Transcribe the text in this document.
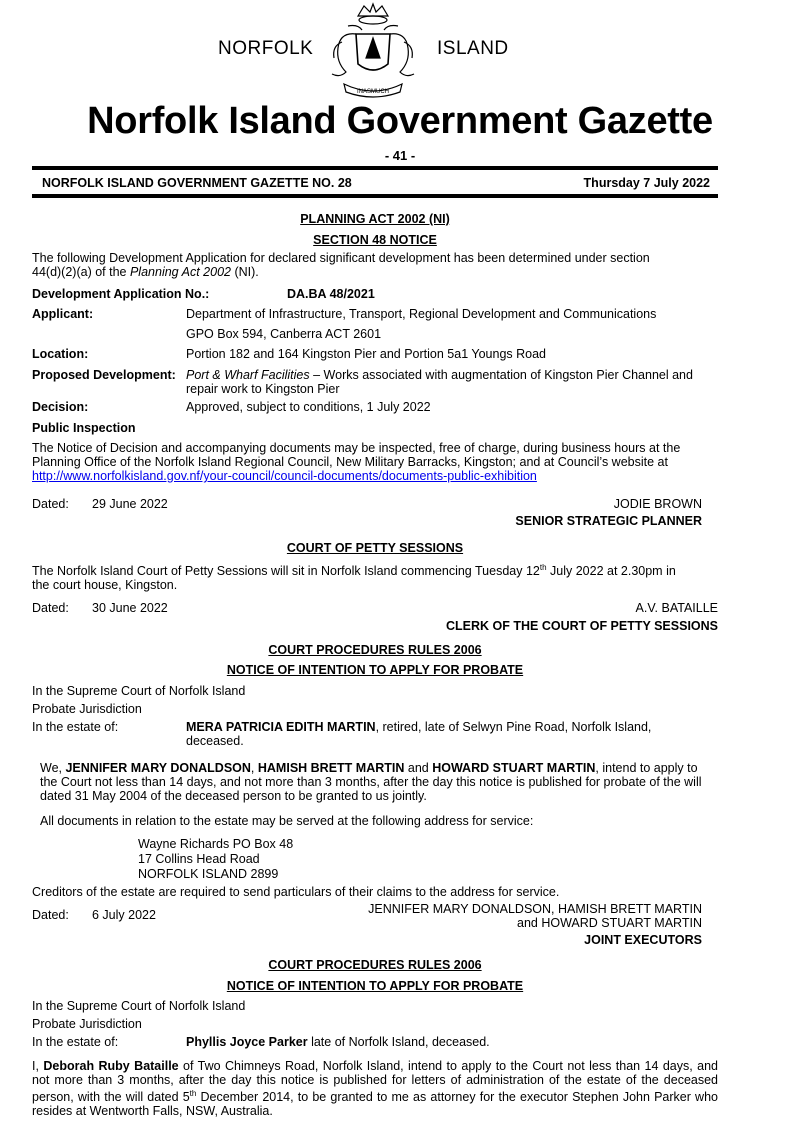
NORFOLK
INASMUCH
ISLAND
Norfolk Island Government Gazette
- 41 -
NORFOLK ISLAND GOVERNMENT GAZETTE NO. 28	Thursday 7 July 2022
PLANNING ACT 2002 (NI)
SECTION 48 NOTICE
The following Development Application for declared significant development has been determined under section
44(d)(2)(a) of the Planning Act 2002 (NI).
Development Application No.:	DA.BA 48/2021
Applicant:	Department of Infrastructure, Transport, Regional Development and Communications
GPO Box 594, Canberra ACT 2601
Location:	Portion 182 and 164 Kingston Pier and Portion 5a1 Youngs Road
Proposed Development: Port & Wharf Facilities – Works associated with augmentation of Kingston Pier Channel and repair work to Kingston Pier
Decision:	Approved, subject to conditions, 1 July 2022
Public Inspection
The Notice of Decision and accompanying documents may be inspected, free of charge, during business hours at the Planning Office of the Norfolk Island Regional Council, New Military Barracks, Kingston; and at Council’s website at
http://www.norfolkisland.gov.nf/your-council/council-documents/documents-public-exhibition
Dated: 29 June 2022	JODIE BROWN
SENIOR STRATEGIC PLANNER
COURT OF PETTY SESSIONS
The Norfolk Island Court of Petty Sessions will sit in Norfolk Island commencing Tuesday 12th July 2022 at 2.30pm in
the court house, Kingston.
Dated: 30 June 2022	A.V. BATAILLE
CLERK OF THE COURT OF PETTY SESSIONS
COURT PROCEDURES RULES 2006
NOTICE OF INTENTION TO APPLY FOR PROBATE
In the Supreme Court of Norfolk Island
Probate Jurisdiction
In the estate of:	MERA PATRICIA EDITH MARTIN, retired, late of Selwyn Pine Road, Norfolk Island,
deceased.
We, JENNIFER MARY DONALDSON, HAMISH BRETT MARTIN and HOWARD STUART MARTIN, intend to apply to the Court not less than 14 days, and not more than 3 months, after the day this notice is published for probate of the will dated 31 May 2004 of the deceased person to be granted to us jointly.
All documents in relation to the estate may be served at the following address for service:
Wayne Richards PO Box 48
17 Collins Head Road
NORFOLK ISLAND 2899
Creditors of the estate are required to send particulars of their claims to the address for service.
Dated: 6 July 2022	JENNIFER MARY DONALDSON, HAMISH BRETT MARTIN
and HOWARD STUART MARTIN
JOINT EXECUTORS
COURT PROCEDURES RULES 2006
NOTICE OF INTENTION TO APPLY FOR PROBATE
In the Supreme Court of Norfolk Island
Probate Jurisdiction
In the estate of:	Phyllis Joyce Parker late of Norfolk Island, deceased.
I, Deborah Ruby Bataille of Two Chimneys Road, Norfolk Island, intend to apply to the Court not less than 14 days, and not more than 3 months, after the day this notice is published for letters of administration of the estate of the deceased person, with the will dated 5th December 2014, to be granted to me as attorney for the executor Stephen John Parker who resides at Wentworth Falls, NSW, Australia.
